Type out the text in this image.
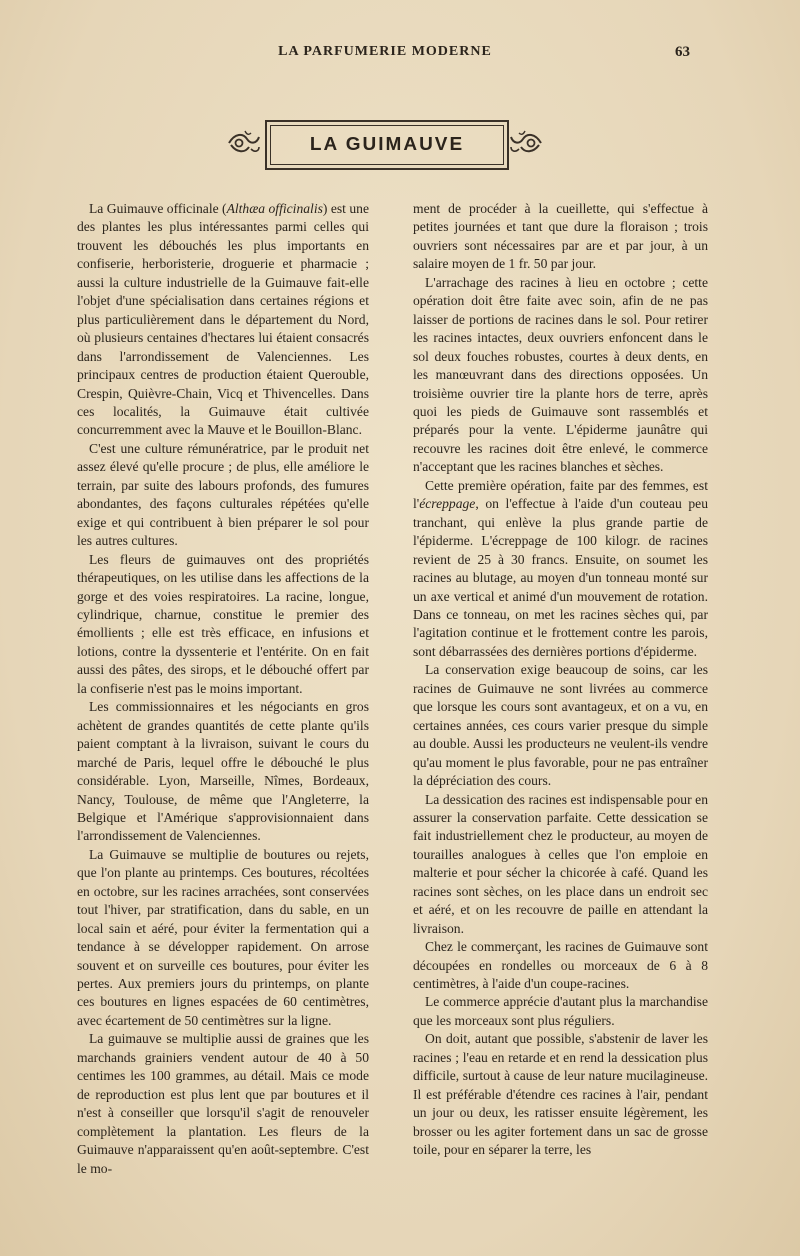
LA PARFUMERIE MODERNE	63
LA GUIMAUVE

La Guimauve officinale (Althæa officinalis) est une des plantes les plus intéressantes parmi celles qui trouvent les débouchés les plus importants en confiserie, herboristerie, droguerie et pharmacie ; aussi la culture industrielle de la Guimauve fait-elle l'objet d'une spécialisation dans certaines régions et plus particulièrement dans le département du Nord, où plusieurs centaines d'hectares lui étaient consacrés dans l'arrondissement de Valenciennes. Les principaux centres de production étaient Querouble, Crespin, Quièvre-Chain, Vicq et Thivencelles. Dans ces localités, la Guimauve était cultivée concurremment avec la Mauve et le Bouillon-Blanc.

C'est une culture rémunératrice, par le produit net assez élevé qu'elle procure ; de plus, elle améliore le terrain, par suite des labours profonds, des fumures abondantes, des façons culturales répétées qu'elle exige et qui contribuent à bien préparer le sol pour les autres cultures.

Les fleurs de guimauves ont des propriétés thérapeutiques, on les utilise dans les affections de la gorge et des voies respiratoires. La racine, longue, cylindrique, charnue, constitue le premier des émollients ; elle est très efficace, en infusions et lotions, contre la dyssenterie et l'entérite. On en fait aussi des pâtes, des sirops, et le débouché offert par la confiserie n'est pas le moins important.

Les commissionnaires et les négociants en gros achètent de grandes quantités de cette plante qu'ils paient comptant à la livraison, suivant le cours du marché de Paris, lequel offre le débouché le plus considérable. Lyon, Marseille, Nîmes, Bordeaux, Nancy, Toulouse, de même que l'Angleterre, la Belgique et l'Amérique s'approvisionnaient dans l'arrondissement de Valenciennes.

La Guimauve se multiplie de boutures ou rejets, que l'on plante au printemps. Ces boutures, récoltées en octobre, sur les racines arrachées, sont conservées tout l'hiver, par stratification, dans du sable, en un local sain et aéré, pour éviter la fermentation qui a tendance à se développer rapidement. On arrose souvent et on surveille ces boutures, pour éviter les pertes. Aux premiers jours du printemps, on plante ces boutures en lignes espacées de 60 centimètres, avec écartement de 50 centimètres sur la ligne.

La guimauve se multiplie aussi de graines que les marchands grainiers vendent autour de 40 à 50 centimes les 100 grammes, au détail. Mais ce mode de reproduction est plus lent que par boutures et il n'est à conseiller que lorsqu'il s'agit de renouveler complètement la plantation. Les fleurs de la Guimauve n'apparaissent qu'en août-septembre. C'est le mo-

ment de procéder à la cueillette, qui s'effectue à petites journées et tant que dure la floraison ; trois ouvriers sont nécessaires par are et par jour, à un salaire moyen de 1 fr. 50 par jour.

L'arrachage des racines à lieu en octobre ; cette opération doit être faite avec soin, afin de ne pas laisser de portions de racines dans le sol. Pour retirer les racines intactes, deux ouvriers enfoncent dans le sol deux fouches robustes, courtes à deux dents, en les manœuvrant dans des directions opposées. Un troisième ouvrier tire la plante hors de terre, après quoi les pieds de Guimauve sont rassemblés et préparés pour la vente. L'épiderme jaunâtre qui recouvre les racines doit être enlevé, le commerce n'acceptant que les racines blanches et sèches.

Cette première opération, faite par des femmes, est l'écreppage, on l'effectue à l'aide d'un couteau peu tranchant, qui enlève la plus grande partie de l'épiderme. L'écreppage de 100 kilogr. de racines revient de 25 à 30 francs. Ensuite, on soumet les racines au blutage, au moyen d'un tonneau monté sur un axe vertical et animé d'un mouvement de rotation. Dans ce tonneau, on met les racines sèches qui, par l'agitation continue et le frottement contre les parois, sont débarrassées des dernières portions d'épiderme.

La conservation exige beaucoup de soins, car les racines de Guimauve ne sont livrées au commerce que lorsque les cours sont avantageux, et on a vu, en certaines années, ces cours varier presque du simple au double. Aussi les producteurs ne veulent-ils vendre qu'au moment le plus favorable, pour ne pas entraîner la dépréciation des cours.

La dessication des racines est indispensable pour en assurer la conservation parfaite. Cette dessication se fait industriellement chez le producteur, au moyen de tourailles analogues à celles que l'on emploie en malterie et pour sécher la chicorée à café. Quand les racines sont sèches, on les place dans un endroit sec et aéré, et on les recouvre de paille en attendant la livraison.

Chez le commerçant, les racines de Guimauve sont découpées en rondelles ou morceaux de 6 à 8 centimètres, à l'aide d'un coupe-racines.

Le commerce apprécie d'autant plus la marchandise que les morceaux sont plus réguliers.

On doit, autant que possible, s'abstenir de laver les racines ; l'eau en retarde et en rend la dessication plus difficile, surtout à cause de leur nature mucilagineuse. Il est préférable d'étendre ces racines à l'air, pendant un jour ou deux, les ratisser ensuite légèrement, les brosser ou les agiter fortement dans un sac de grosse toile, pour en séparer la terre, les
